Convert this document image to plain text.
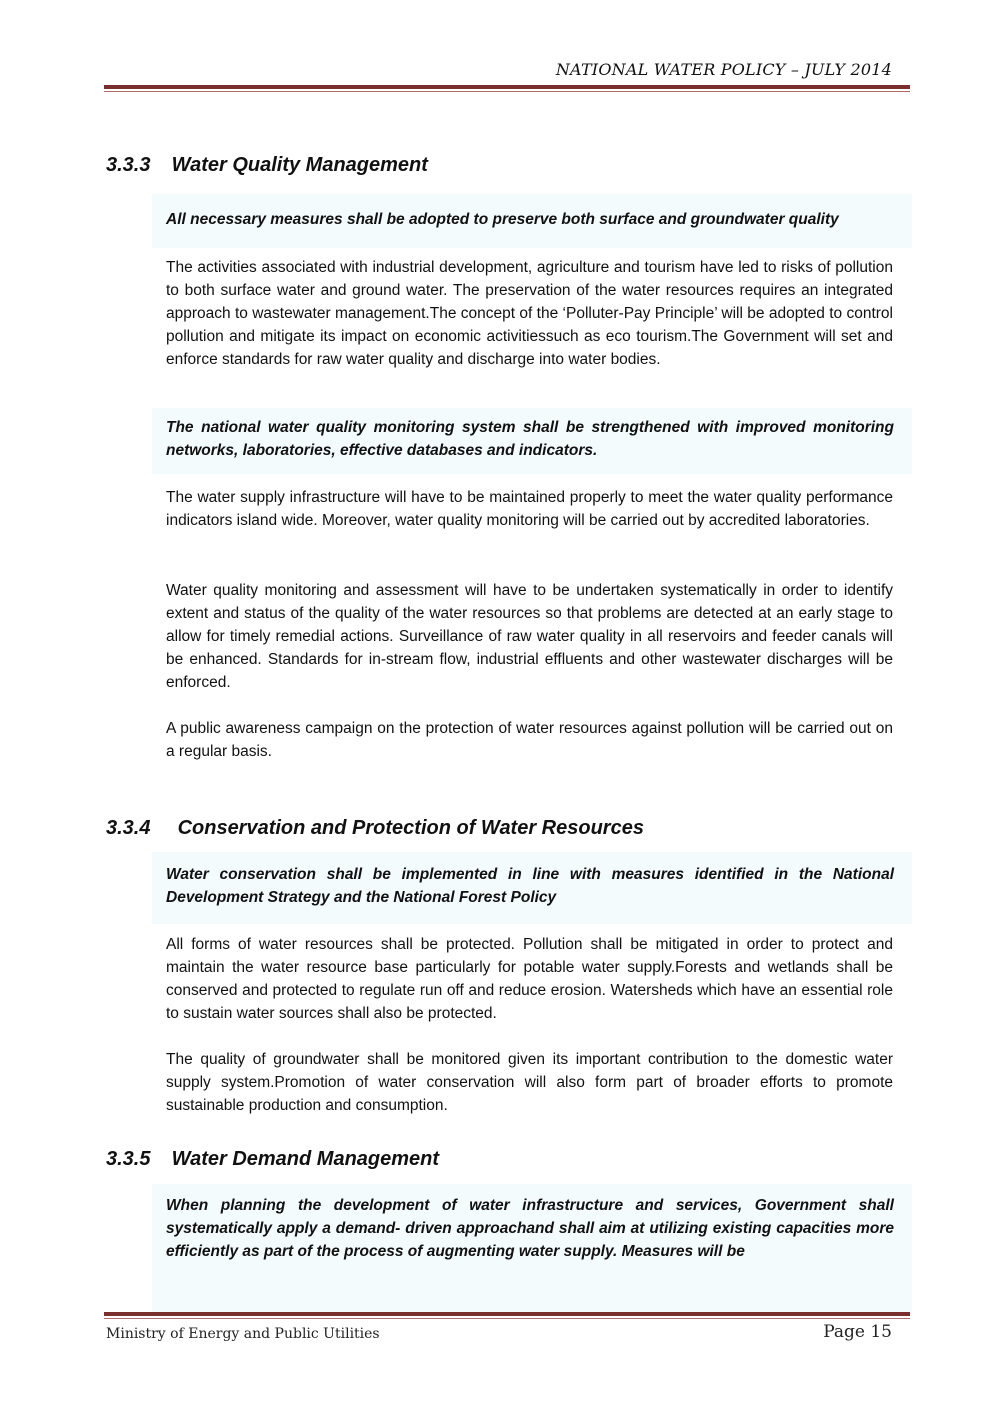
NATIONAL WATER POLICY – JULY 2014
3.3.3 Water Quality Management
All necessary measures shall be adopted to preserve both surface and groundwater quality
The activities associated with industrial development, agriculture and tourism have led to risks of pollution to both surface water and ground water. The preservation of the water resources requires an integrated approach to wastewater management.The concept of the ‘Polluter-Pay Principle’ will be adopted to control pollution and mitigate its impact on economic activitiessuch as eco tourism.The Government will set and enforce standards for raw water quality and discharge into water bodies.
The national water quality monitoring system shall be strengthened with improved monitoring networks, laboratories, effective databases and indicators.
The water supply infrastructure will have to be maintained properly to meet the water quality performance indicators island wide. Moreover, water quality monitoring will be carried out by accredited laboratories.
Water quality monitoring and assessment will have to be undertaken systematically in order to identify extent and status of the quality of the water resources so that problems are detected at an early stage to allow for timely remedial actions. Surveillance of raw water quality in all reservoirs and feeder canals will be enhanced. Standards for in-stream flow, industrial effluents and other wastewater discharges will be enforced.
A public awareness campaign on the protection of water resources against pollution will be carried out on a regular basis.
3.3.4 Conservation and Protection of Water Resources
Water conservation shall be implemented in line with measures identified in the National Development Strategy and the National Forest Policy
All forms of water resources shall be protected. Pollution shall be mitigated in order to protect and maintain the water resource base particularly for potable water supply.Forests and wetlands shall be conserved and protected to regulate run off and reduce erosion. Watersheds which have an essential role to sustain water sources shall also be protected.
The quality of groundwater shall be monitored given its important contribution to the domestic water supply system.Promotion of water conservation will also form part of broader efforts to promote sustainable production and consumption.
3.3.5 Water Demand Management
When planning the development of water infrastructure and services, Government shall systematically apply a demand- driven approachand shall aim at utilizing existing capacities more efficiently as part of the process of augmenting water supply. Measures will be
Ministry of Energy and Public Utilities	Page 15
